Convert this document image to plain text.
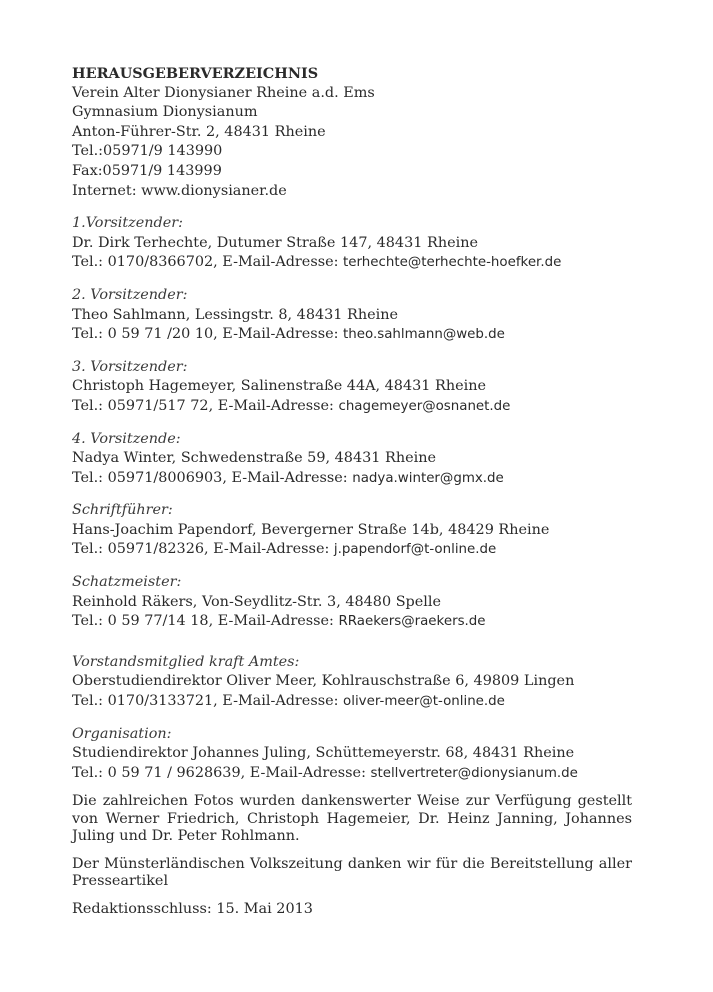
HERAUSGEBERVERZEICHNIS
Verein Alter Dionysianer Rheine a.d. Ems
Gymnasium Dionysianum
Anton-Führer-Str. 2, 48431 Rheine
Tel.:05971/9 143990
Fax:05971/9 143999
Internet: www.dionysianer.de
1.Vorsitzender:
Dr. Dirk Terhechte, Dutumer Straße 147, 48431 Rheine
Tel.: 0170/8366702, E-Mail-Adresse: terhechte@terhechte-hoefker.de
2. Vorsitzender:
Theo Sahlmann, Lessingstr. 8, 48431 Rheine
Tel.: 0 59 71 /20 10, E-Mail-Adresse: theo.sahlmann@web.de
3. Vorsitzender:
Christoph Hagemeyer, Salinenstraße 44A, 48431 Rheine
Tel.: 05971/517 72, E-Mail-Adresse: chagemeyer@osnanet.de
4. Vorsitzende:
Nadya Winter, Schwedenstraße 59, 48431 Rheine
Tel.: 05971/8006903, E-Mail-Adresse: nadya.winter@gmx.de
Schriftführer:
Hans-Joachim Papendorf, Bevergerner Straße 14b, 48429 Rheine
Tel.: 05971/82326, E-Mail-Adresse: j.papendorf@t-online.de
Schatzmeister:
Reinhold Räkers, Von-Seydlitz-Str. 3, 48480 Spelle
Tel.: 0 59 77/14 18, E-Mail-Adresse: RRaekers@raekers.de
Vorstandsmitglied kraft Amtes:
Oberstudiendirektor Oliver Meer, Kohlrauschstraße 6, 49809 Lingen
Tel.: 0170/3133721, E-Mail-Adresse: oliver-meer@t-online.de
Organisation:
Studiendirektor Johannes Juling, Schüttemeyerstr. 68, 48431 Rheine
Tel.: 0 59 71 / 9628639, E-Mail-Adresse: stellvertreter@dionysianum.de

Die zahlreichen Fotos wurden dankenswerter Weise zur Verfügung gestellt von Werner Friedrich, Christoph Hagemeier, Dr. Heinz Janning, Johannes Juling und Dr. Peter Rohlmann.

Der Münsterländischen Volkszeitung danken wir für die Bereitstellung aller Presseartikel

Redaktionsschluss: 15. Mai 2013
